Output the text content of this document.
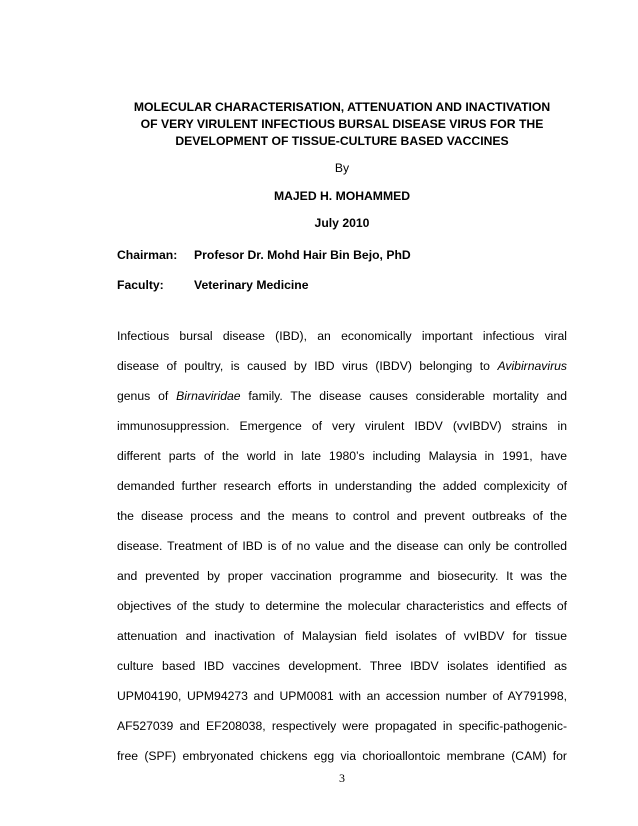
MOLECULAR CHARACTERISATION, ATTENUATION AND INACTIVATION
OF VERY VIRULENT INFECTIOUS BURSAL DISEASE VIRUS FOR THE
DEVELOPMENT OF TISSUE-CULTURE BASED VACCINES
By
MAJED H. MOHAMMED
July 2010
Chairman: Profesor Dr. Mohd Hair Bin Bejo, PhD
Faculty: Veterinary Medicine
Infectious bursal disease (IBD), an economically important infectious viral
disease of poultry, is caused by IBD virus (IBDV) belonging to Avibirnavirus
genus of Birnaviridae family. The disease causes considerable mortality and
immunosuppression. Emergence of very virulent IBDV (vvIBDV) strains in
different parts of the world in late 1980’s including Malaysia in 1991, have
demanded further research efforts in understanding the added complexicity of
the disease process and the means to control and prevent outbreaks of the
disease. Treatment of IBD is of no value and the disease can only be controlled
and prevented by proper vaccination programme and biosecurity. It was the
objectives of the study to determine the molecular characteristics and effects of
attenuation and inactivation of Malaysian field isolates of vvIBDV for tissue
culture based IBD vaccines development. Three IBDV isolates identified as
UPM04190, UPM94273 and UPM0081 with an accession number of AY791998,
AF527039 and EF208038, respectively were propagated in specific-pathogenic-
free (SPF) embryonated chickens egg via chorioallontoic membrane (CAM) for
3
